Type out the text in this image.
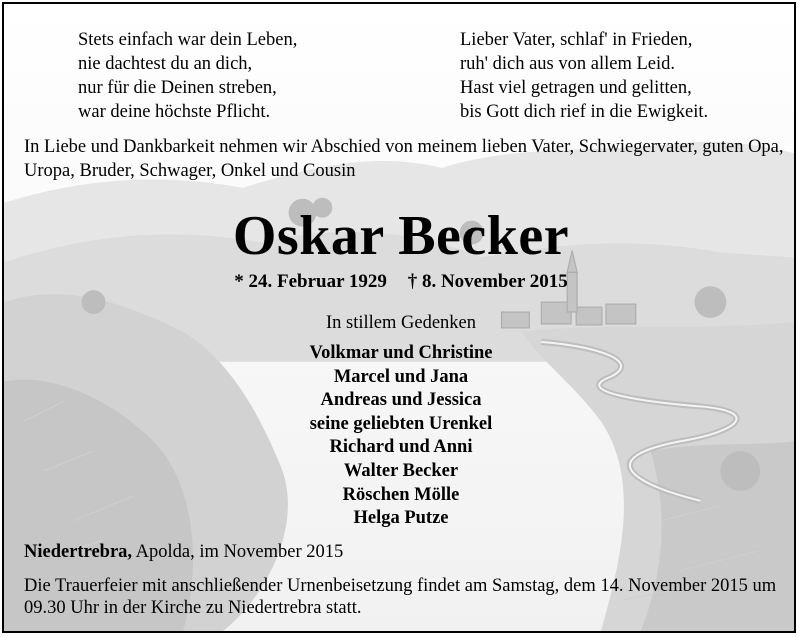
Stets einfach war dein Leben,
nie dachtest du an dich,
nur für die Deinen streben,
war deine höchste Pflicht.
Lieber Vater, schlaf' in Frieden,
ruh' dich aus von allem Leid.
Hast viel getragen und gelitten,
bis Gott dich rief in die Ewigkeit.
In Liebe und Dankbarkeit nehmen wir Abschied von meinem lieben Vater, Schwiegervater, guten Opa, Uropa, Bruder, Schwager, Onkel und Cousin
Oskar Becker
* 24. Februar 1929 † 8. November 2015
In stillem Gedenken
Volkmar und Christine
Marcel und Jana
Andreas und Jessica
seine geliebten Urenkel
Richard und Anni
Walter Becker
Röschen Mölle
Helga Putze
Niedertrebra, Apolda, im November 2015
Die Trauerfeier mit anschließender Urnenbeisetzung findet am Samstag, dem 14. November 2015 um 09.30 Uhr in der Kirche zu Niedertrebra statt.
